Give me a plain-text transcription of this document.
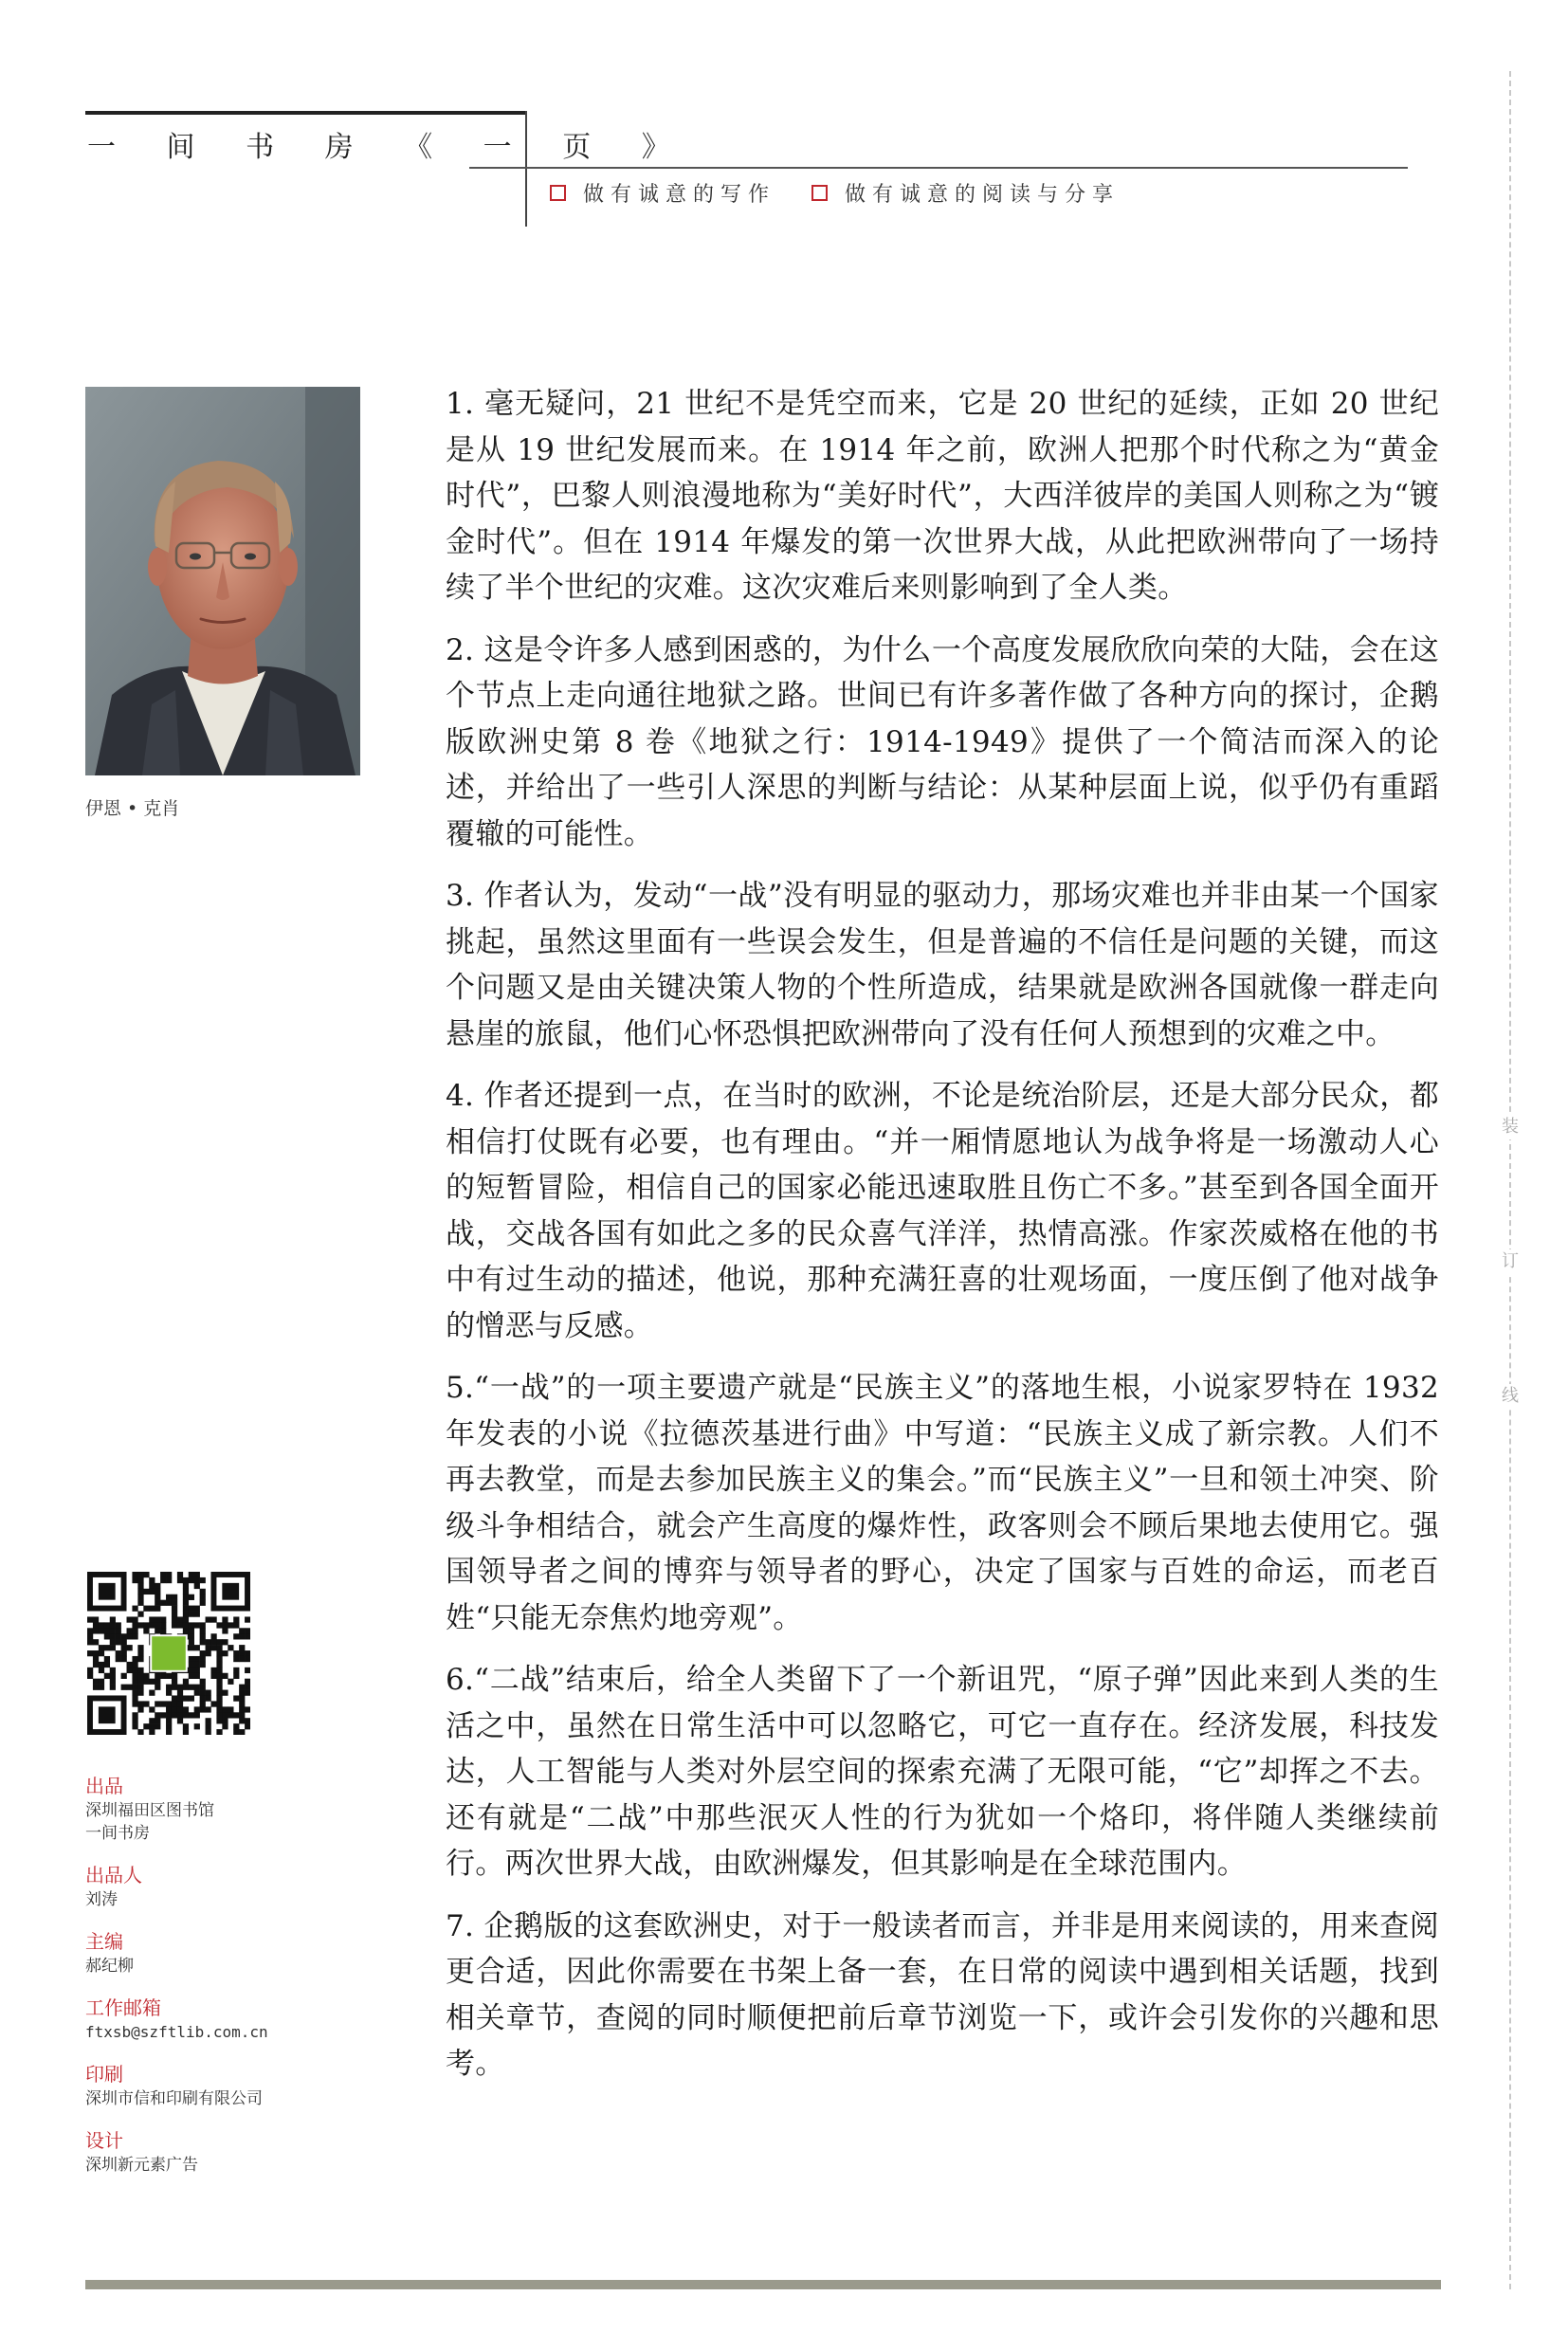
一 间 书 房 《 一 页 》
做有诚意的写作	做有诚意的阅读与分享
装
订
线
伊恩 • 克肖

1. 毫无疑问，21 世纪不是凭空而来，它是 20 世纪的延续，正如 20 世纪是从 19 世纪发展而来。在 1914 年之前，欧洲人把那个时代称之为“黄金时代”，巴黎人则浪漫地称为“美好时代”，大西洋彼岸的美国人则称之为“镀金时代”。但在 1914 年爆发的第一次世界大战，从此把欧洲带向了一场持续了半个世纪的灾难。这次灾难后来则影响到了全人类。

2. 这是令许多人感到困惑的，为什么一个高度发展欣欣向荣的大陆，会在这个节点上走向通往地狱之路。世间已有许多著作做了各种方向的探讨，企鹅版欧洲史第 8 卷《地狱之行：1914-1949》提供了一个简洁而深入的论述，并给出了一些引人深思的判断与结论：从某种层面上说，似乎仍有重蹈覆辙的可能性。

3. 作者认为，发动“一战”没有明显的驱动力，那场灾难也并非由某一个国家挑起，虽然这里面有一些误会发生，但是普遍的不信任是问题的关键，而这个问题又是由关键决策人物的个性所造成，结果就是欧洲各国就像一群走向悬崖的旅鼠，他们心怀恐惧把欧洲带向了没有任何人预想到的灾难之中。

4. 作者还提到一点，在当时的欧洲，不论是统治阶层，还是大部分民众，都相信打仗既有必要，也有理由。“并一厢情愿地认为战争将是一场激动人心的短暂冒险，相信自己的国家必能迅速取胜且伤亡不多。”甚至到各国全面开战，交战各国有如此之多的民众喜气洋洋，热情高涨。作家茨威格在他的书中有过生动的描述，他说，那种充满狂喜的壮观场面，一度压倒了他对战争的憎恶与反感。

5.“一战”的一项主要遗产就是“民族主义”的落地生根，小说家罗特在 1932 年发表的小说《拉德茨基进行曲》中写道：“民族主义成了新宗教。人们不再去教堂，而是去参加民族主义的集会。”而“民族主义”一旦和领土冲突、阶级斗争相结合，就会产生高度的爆炸性，政客则会不顾后果地去使用它。强国领导者之间的博弈与领导者的野心，决定了国家与百姓的命运，而老百姓“只能无奈焦灼地旁观”。

6.“二战”结束后，给全人类留下了一个新诅咒，“原子弹”因此来到人类的生活之中，虽然在日常生活中可以忽略它，可它一直存在。经济发展，科技发达，人工智能与人类对外层空间的探索充满了无限可能，“它”却挥之不去。还有就是“二战”中那些泯灭人性的行为犹如一个烙印，将伴随人类继续前行。两次世界大战，由欧洲爆发，但其影响是在全球范围内。

7. 企鹅版的这套欧洲史，对于一般读者而言，并非是用来阅读的，用来查阅更合适，因此你需要在书架上备一套，在日常的阅读中遇到相关话题，找到相关章节，查阅的同时顺便把前后章节浏览一下，或许会引发你的兴趣和思考。

出品
深圳福田区图书馆
一间书房
出品人
刘涛
主编
郝纪柳
工作邮箱
ftxsb@szftlib.com.cn
印刷
深圳市信和印刷有限公司
设计
深圳新元素广告
